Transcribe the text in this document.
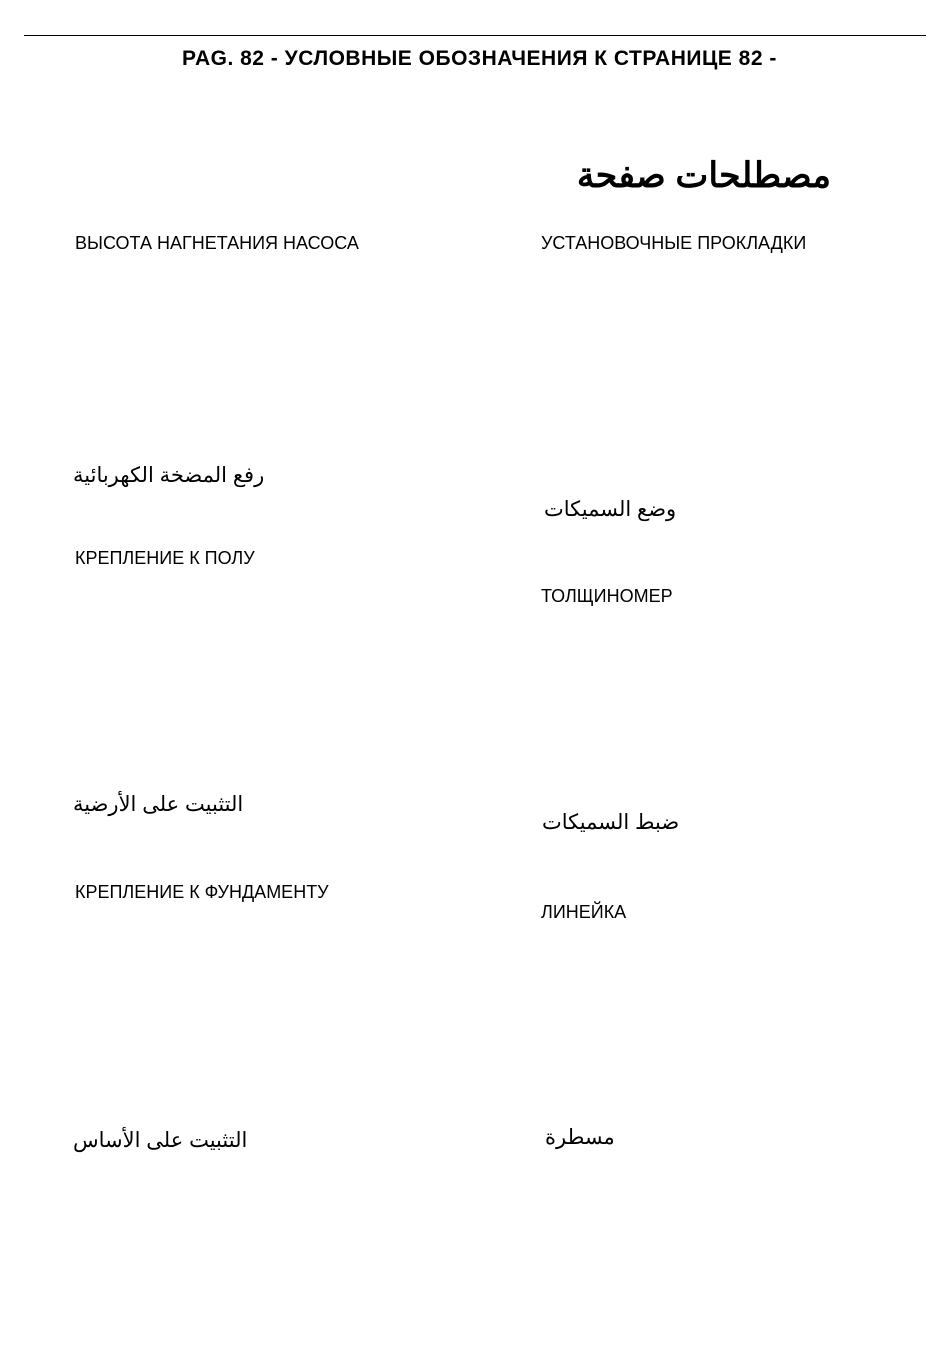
PAG. 82 - УСЛОВНЫЕ ОБОЗНАЧЕНИЯ К СТРАНИЦЕ 82 -
مصطلحات صفحة
ВЫСОТА НАГНЕТАНИЯ НАСОСА
رفع المضخة الكهربائية
КРЕПЛЕНИЕ К ПОЛУ
التثبيت على الأرضية
КРЕПЛЕНИЕ К ФУНДАМЕНТУ
التثبيت على الأساس
УСТАНОВОЧНЫЕ ПРОКЛАДКИ
وضع السميكات
ТОЛЩИНОМЕР
ضبط السميكات
ЛИНЕЙКА
مسطرة
